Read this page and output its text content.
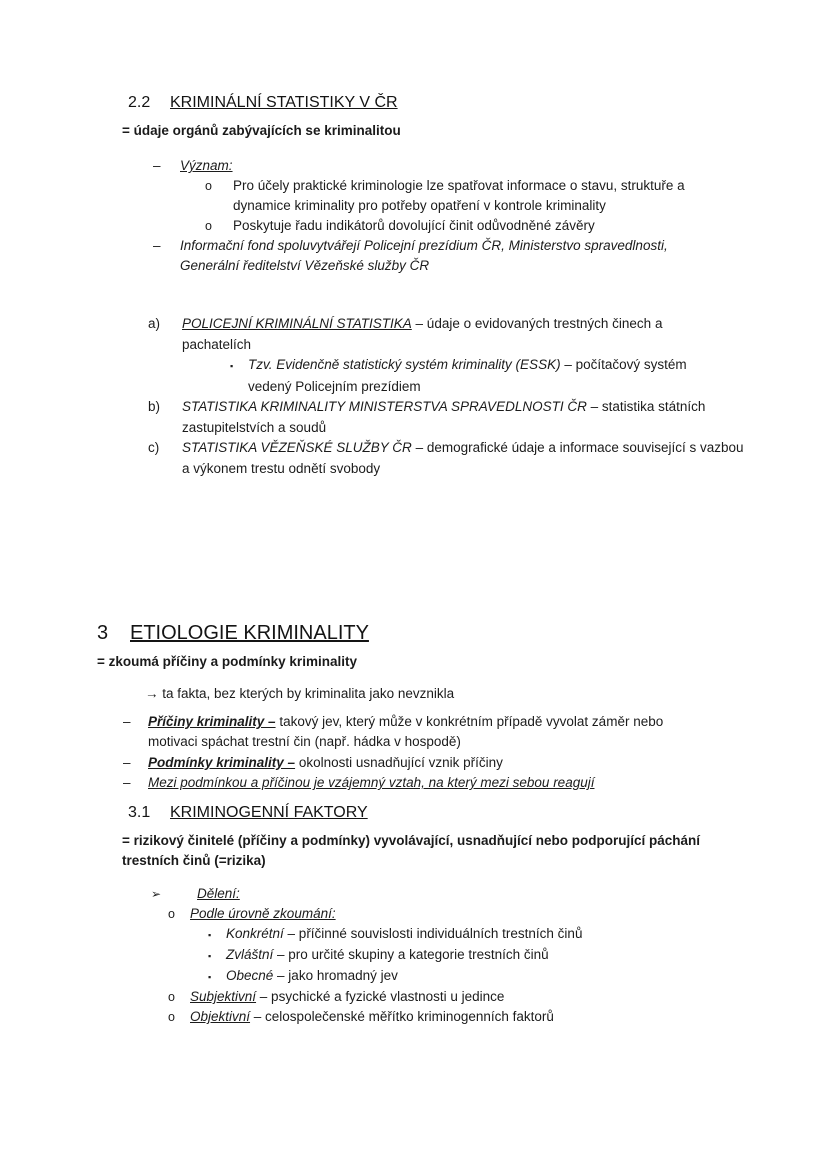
2.2	KRIMINÁLNÍ STATISTIKY V ČR
= údaje orgánů zabývajících se kriminalitou
–	Význam:
o	Pro účely praktické kriminologie lze spatřovat informace o stavu, struktuře a
dynamice kriminality pro potřeby opatření v kontrole kriminality
o	Poskytuje řadu indikátorů dovolující činit odůvodněné závěry
–	Informační fond spoluvytvářejí Policejní prezídium ČR, Ministerstvo spravedlnosti,
Generální ředitelství Vězeňské služby ČR
a)	POLICEJNÍ KRIMINÁLNÍ STATISTIKA – údaje o evidovaných trestných činech a
pachatelích
▪	Tzv. Evidenčně statistický systém kriminality (ESSK) – počítačový systém
vedený Policejním prezídiem
b)	STATISTIKA KRIMINALITY MINISTERSTVA SPRAVEDLNOSTI ČR – statistika státních
zastupitelstvích a soudů
c)	STATISTIKA VĚZEŇSKÉ SLUŽBY ČR – demografické údaje a informace související s vazbou
a výkonem trestu odnětí svobody
3	ETIOLOGIE KRIMINALITY
= zkoumá příčiny a podmínky kriminality
→ ta fakta, bez kterých by kriminalita jako nevznikla
–	Příčiny kriminality – takový jev, který může v konkrétním případě vyvolat záměr nebo
motivaci spáchat trestní čin (např. hádka v hospodě)
–	Podmínky kriminality – okolnosti usnadňující vznik příčiny
–	Mezi podmínkou a příčinou je vzájemný vztah, na který mezi sebou reagují
3.1	KRIMINOGENNÍ FAKTORY
= rizikový činitelé (příčiny a podmínky) vyvolávající, usnadňující nebo podporující páchání
trestních činů (=rizika)
➢	Dělení:
o	Podle úrovně zkoumání:
▪	Konkrétní – příčinné souvislosti individuálních trestních činů
▪	Zvláštní – pro určité skupiny a kategorie trestních činů
▪	Obecné – jako hromadný jev
o	Subjektivní – psychické a fyzické vlastnosti u jedince
o	Objektivní – celospolečenské měřítko kriminogenních faktorů
